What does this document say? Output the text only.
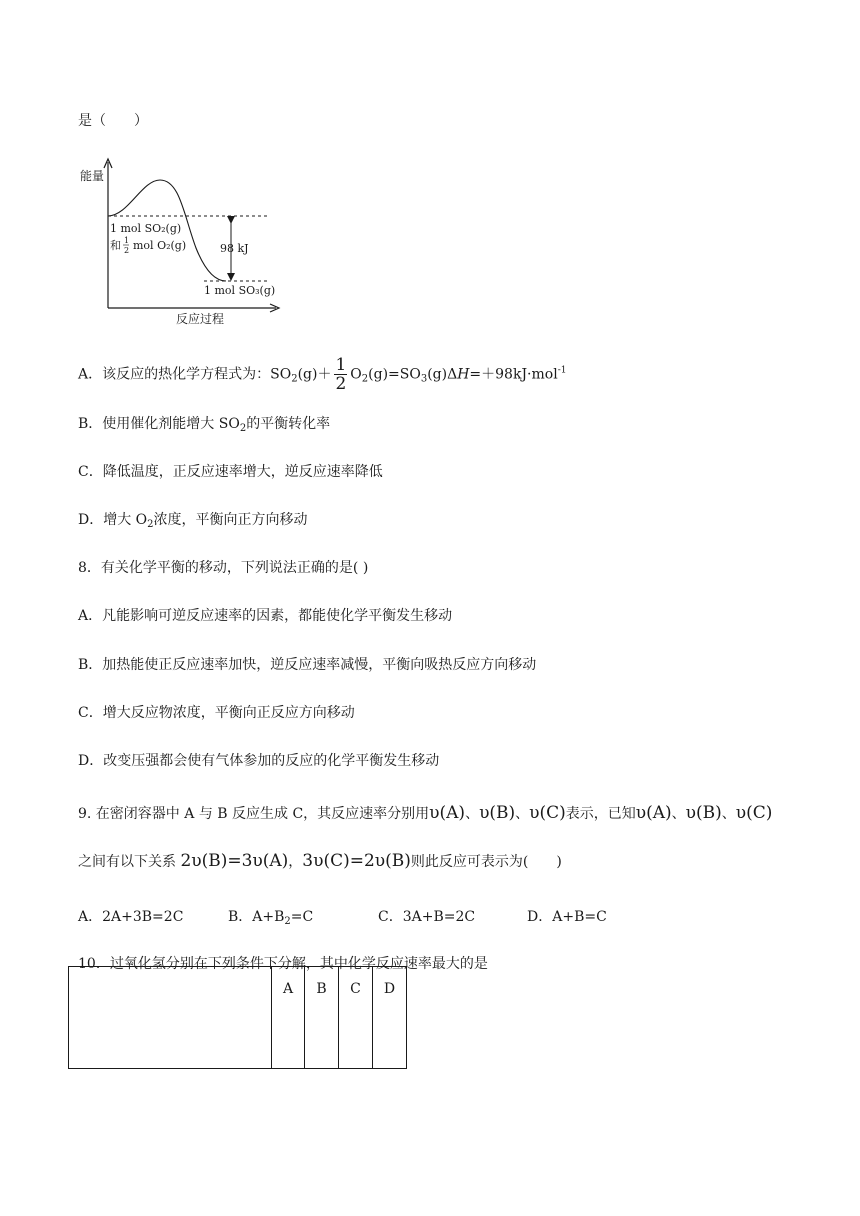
是（　　）
能量
反应过程
98 kJ
1 mol SO₂(g)
和 1
2 mol O₂(g)
1 mol SO₃(g)
A．该反应的热化学方程式为：$SO_2(g)+ \frac{1}{2} O_2(g)=SO_3(g)\Delta H=+98kJ\cdot mol^{-1}$
B．使用催化剂能增大 $SO_2$的平衡转化率
C．降低温度，正反应速率增大，逆反应速率降低
D．增大 $O_2$浓度，平衡向正方向移动
8．有关化学平衡的移动，下列说法正确的是( )
A．凡能影响可逆反应速率的因素，都能使化学平衡发生移动
B．加热能使正反应速率加快，逆反应速率减慢，平衡向吸热反应方向移动
C．增大反应物浓度，平衡向正反应方向移动
D．改变压强都会使有气体参加的反应的化学平衡发生移动
9. 在密闭容器中 A 与 B 反应生成 C，其反应速率分别用υ(A)、υ(B)、υ(C)表示，已知υ(A)、υ(B)、υ(C)
之间有以下关系 2υ(B)=3υ(A)，3υ(C)=2υ(B)则此反应可表示为(　　)
A．2A+3B=2C	B．$A+B_2=C$	C．3A+B=2C	D．A+B=C
10．过氧化氢分别在下列条件下分解，其中化学反应速率最大的是
	A	B	C	D
